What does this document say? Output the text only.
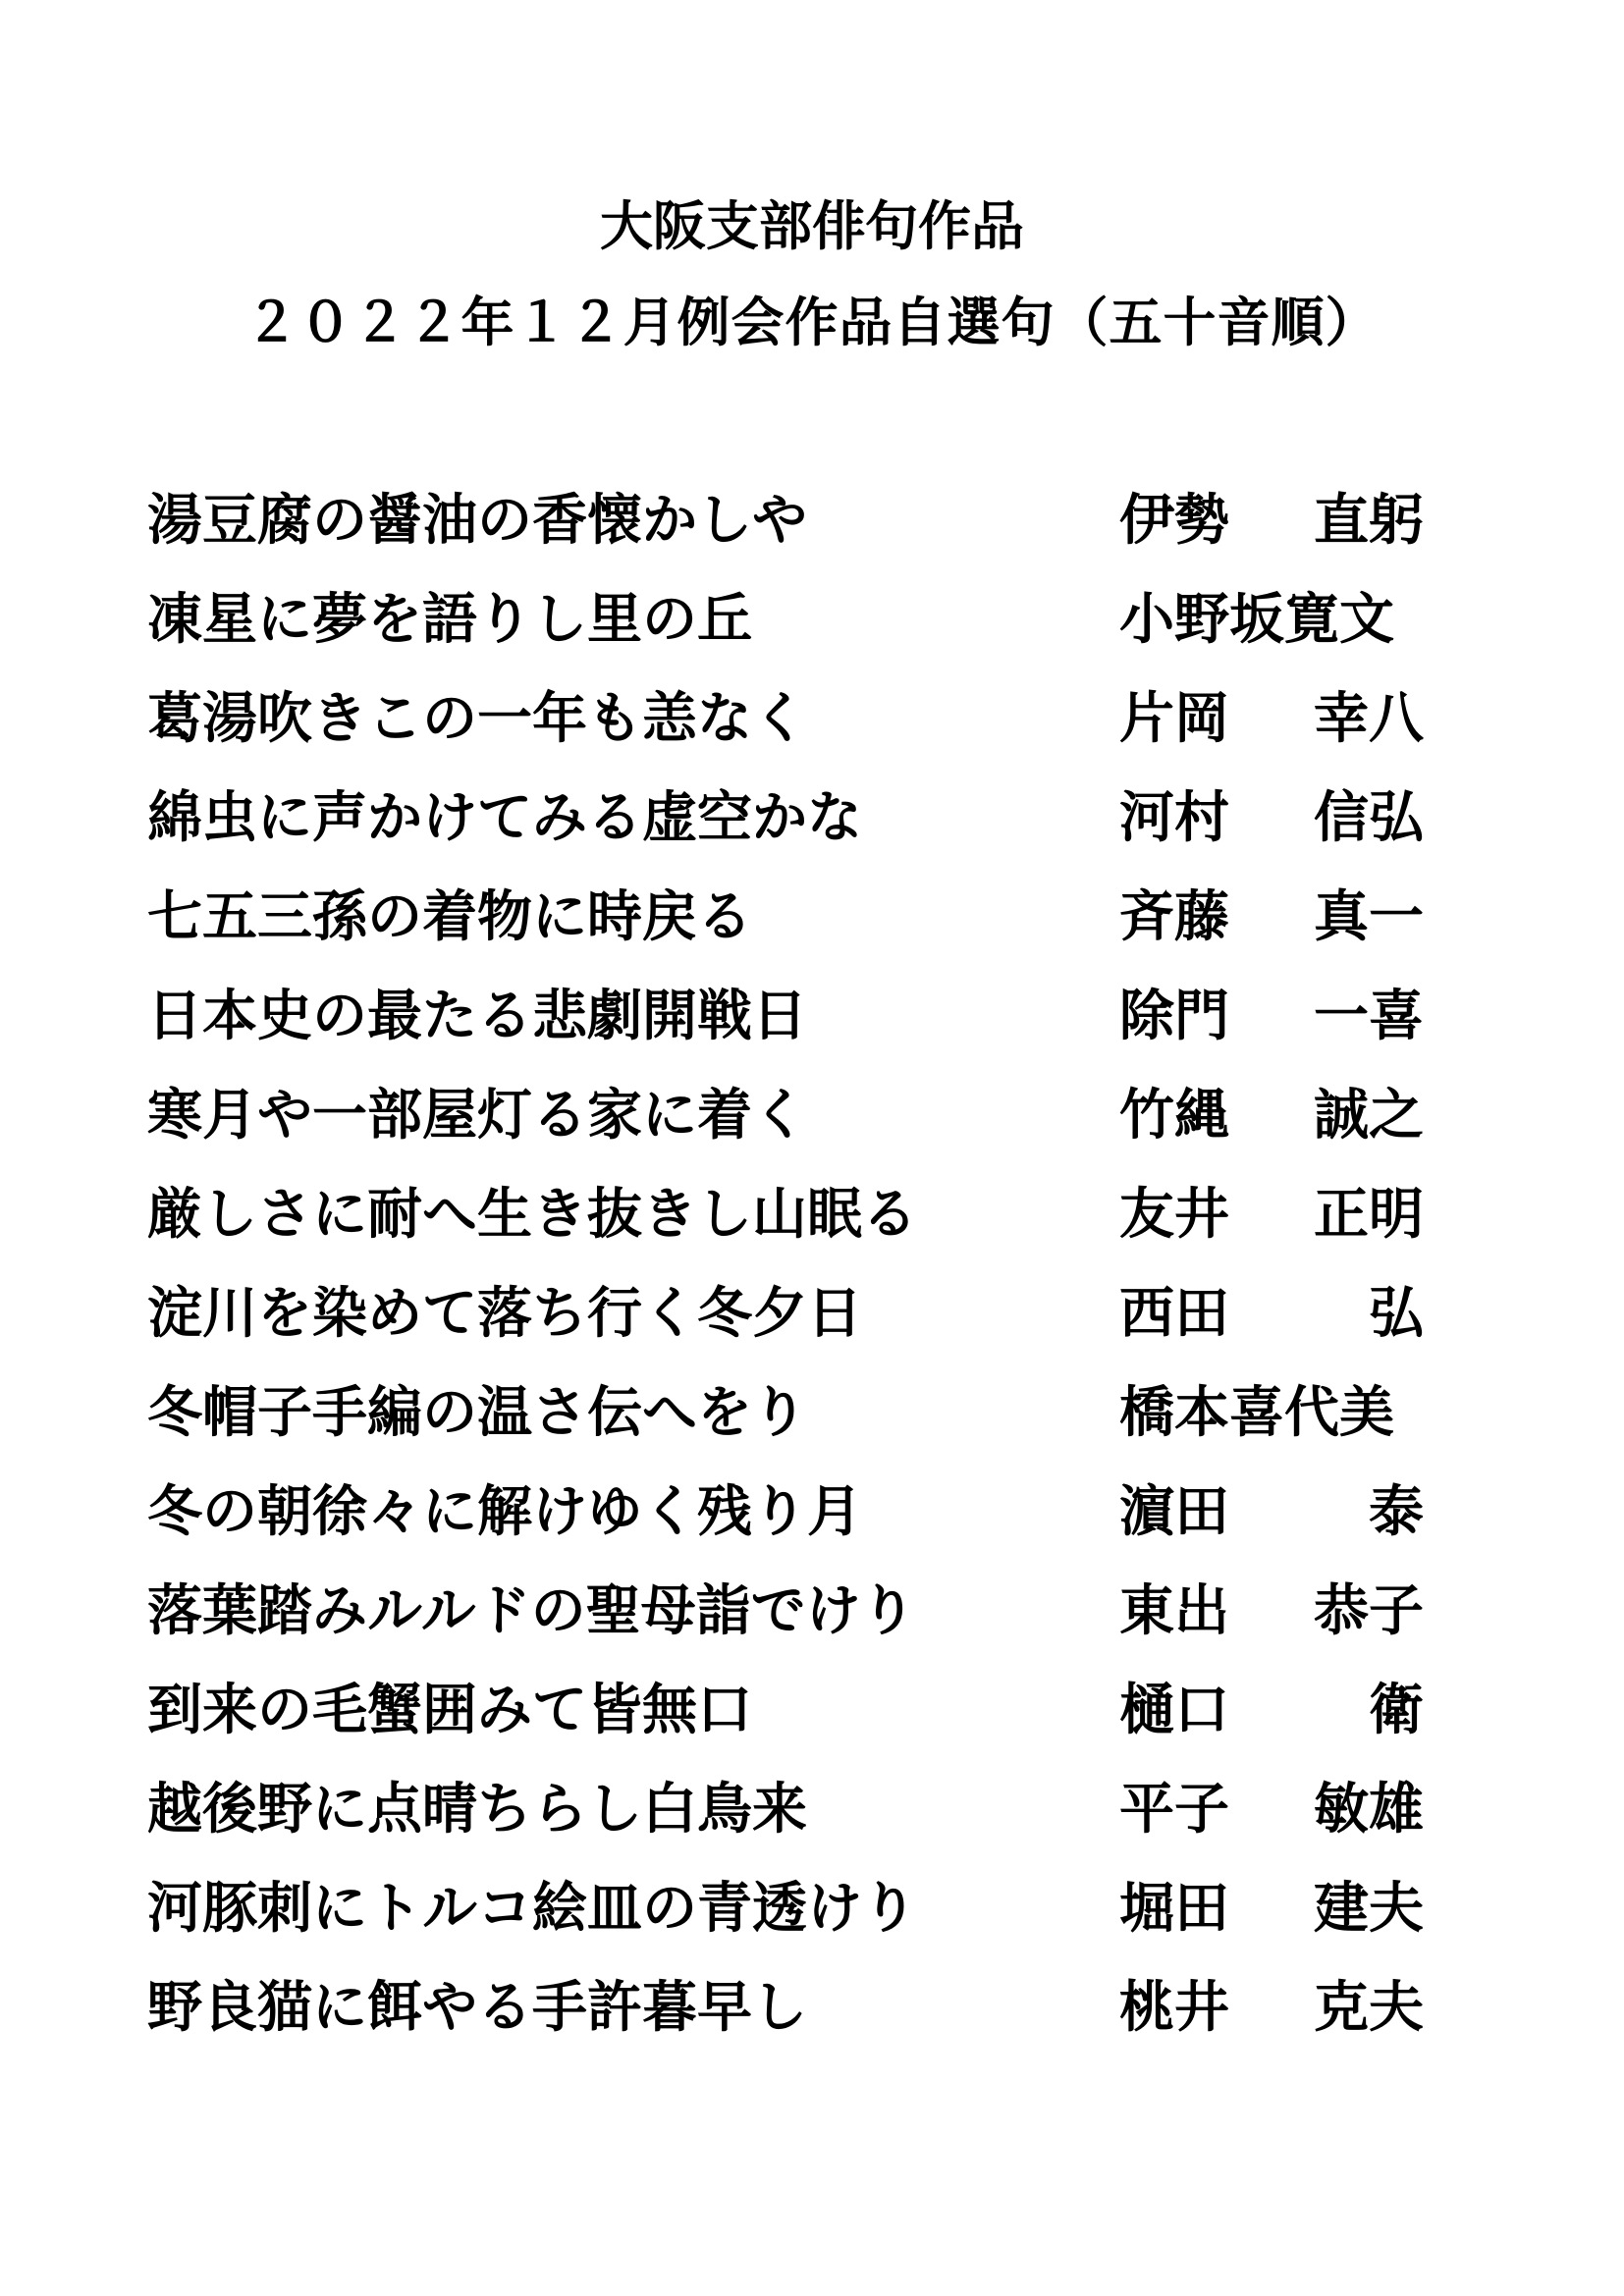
大阪支部俳句作品
２０２２年１２月例会作品自選句（五十音順）
湯豆腐の醤油の香懐かしや	伊勢 直躬
凍星に夢を語りし里の丘	小野坂寛文
葛湯吹きこの一年も恙なく	片岡 幸八
綿虫に声かけてみる虚空かな	河村 信弘
七五三孫の着物に時戻る	斉藤 真一
日本史の最たる悲劇開戦日	除門 一喜
寒月や一部屋灯る家に着く	竹縄 誠之
厳しさに耐へ生き抜きし山眠る	友井 正明
淀川を染めて落ち行く冬夕日	西田	弘
冬帽子手編の温さ伝へをり	橋本喜代美
冬の朝徐々に解けゆく残り月	濵田	泰
落葉踏みルルドの聖母詣でけり	東出 恭子
到来の毛蟹囲みて皆無口	樋口	衛
越後野に点晴ちらし白鳥来	平子 敏雄
河豚刺にトルコ絵皿の青透けり	堀田 建夫
野良猫に餌やる手許暮早し	桃井 克夫
